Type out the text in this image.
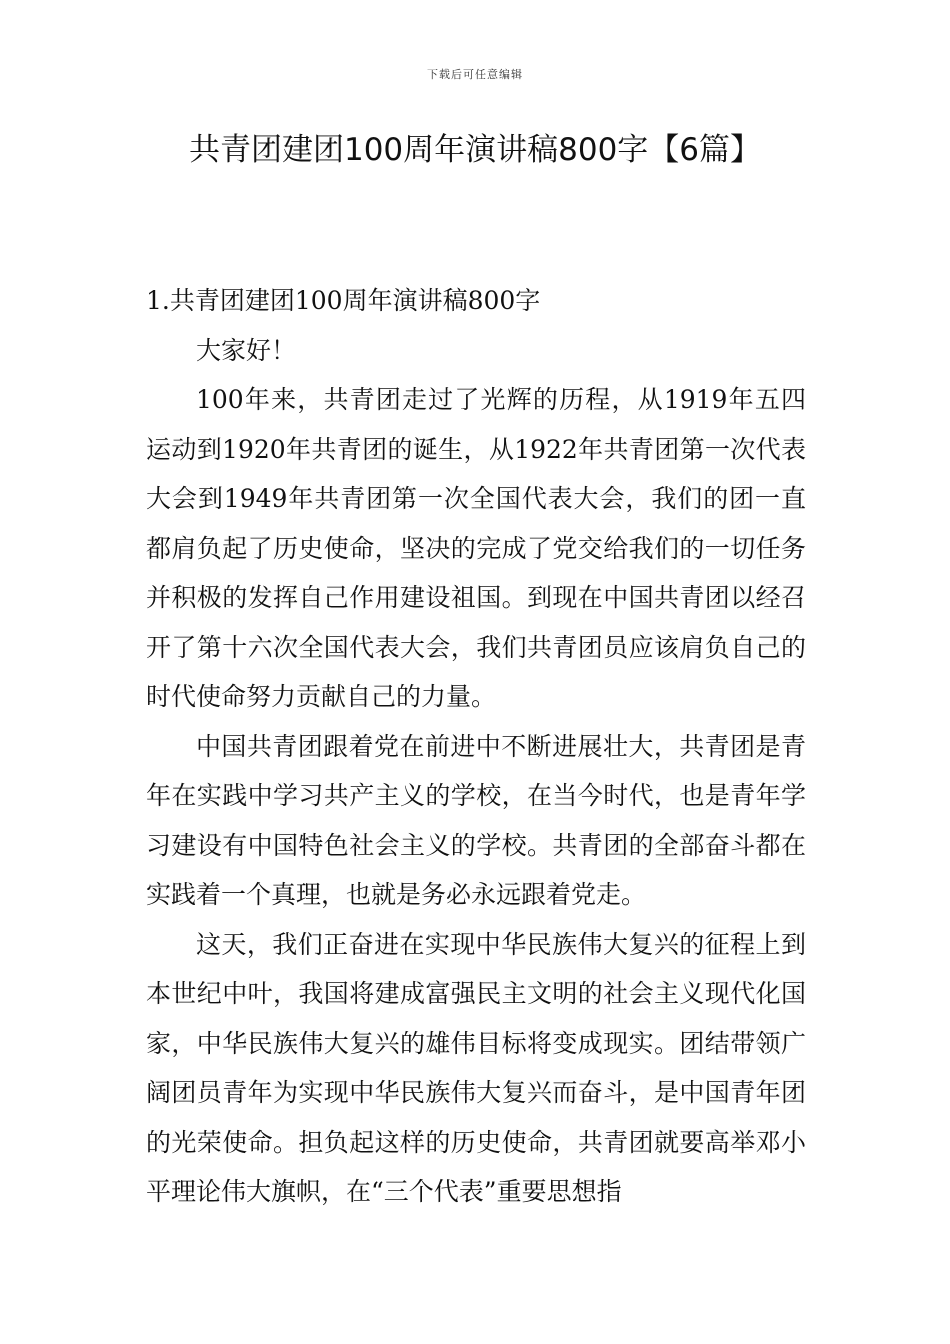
下载后可任意编辑
共青团建团100周年演讲稿800字【6篇】

1.共青团建团100周年演讲稿800字

大家好！

100年来，共青团走过了光辉的历程，从1919年五四运动到1920年共青团的诞生，从1922年共青团第一次代表大会到1949年共青团第一次全国代表大会，我们的团一直都肩负起了历史使命，坚决的完成了党交给我们的一切任务并积极的发挥自己作用建设祖国。到现在中国共青团以经召开了第十六次全国代表大会，我们共青团员应该肩负自己的时代使命努力贡献自己的力量。

中国共青团跟着党在前进中不断进展壮大，共青团是青年在实践中学习共产主义的学校，在当今时代，也是青年学习建设有中国特色社会主义的学校。共青团的全部奋斗都在实践着一个真理，也就是务必永远跟着党走。

这天，我们正奋进在实现中华民族伟大复兴的征程上到本世纪中叶，我国将建成富强民主文明的社会主义现代化国家，中华民族伟大复兴的雄伟目标将变成现实。团结带领广阔团员青年为实现中华民族伟大复兴而奋斗，是中国青年团的光荣使命。担负起这样的历史使命，共青团就要高举邓小平理论伟大旗帜，在“三个代表”重要思想指
